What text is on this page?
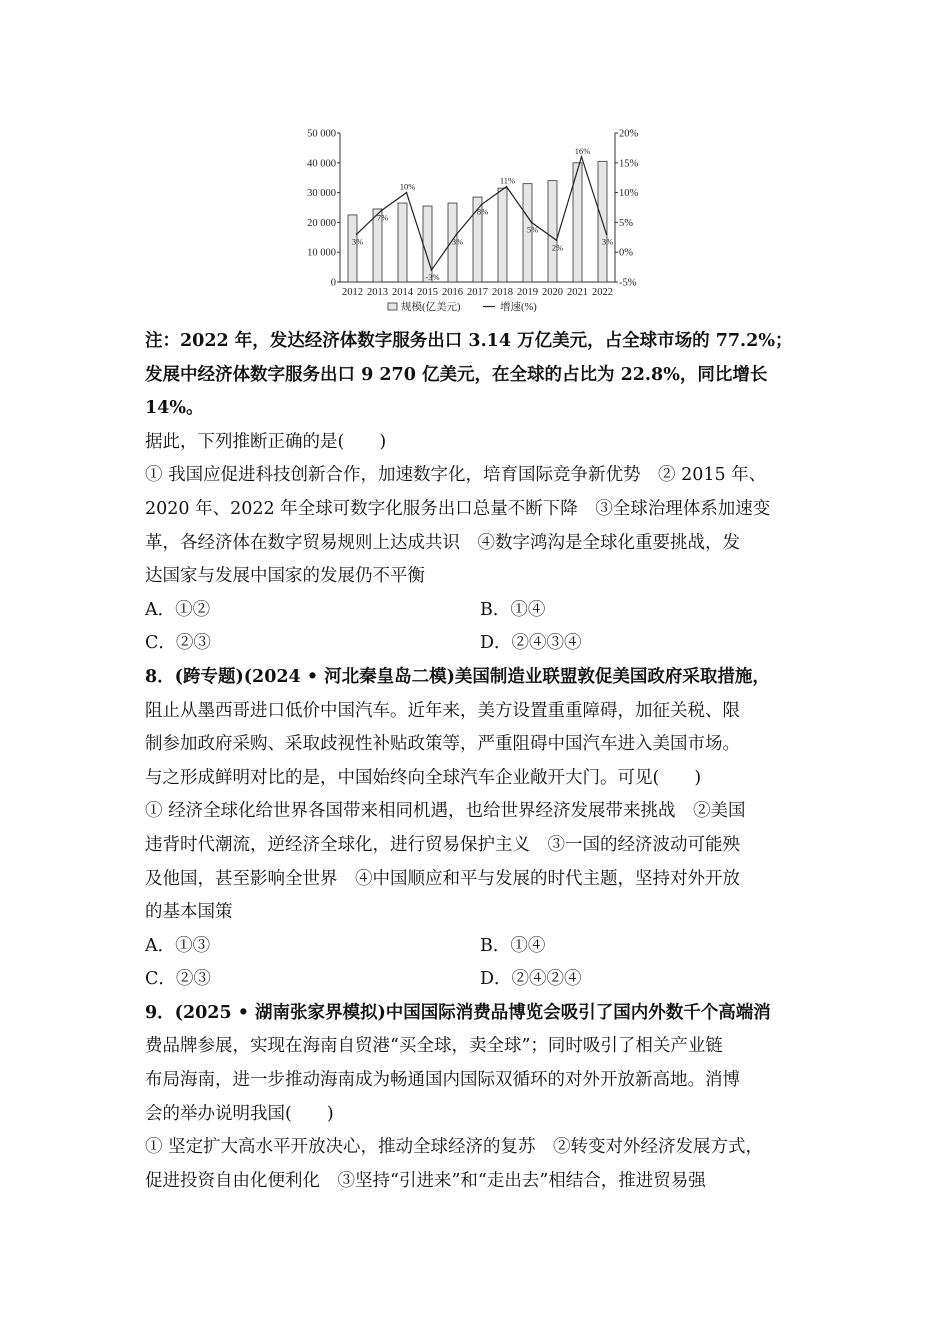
0
10 000
20 000
30 000
40 000
50 000
-5%
0%
5%
10%
15%
20%
3%
7%
10%
-3%
3%
8%
11%
5%
2%
16%
3%
2012 2013 2014 2015 2016 2017 2018 2019 2020 2021 2022
规模(亿美元)	增速(%)
注：2022 年，发达经济体数字服务出口 3.14 万亿美元，占全球市场的 77.2%；
发展中经济体数字服务出口 9 270 亿美元，在全球的占比为 22.8%，同比增长
14%。
据此，下列推断正确的是(　　)
① 我国应促进科技创新合作，加速数字化，培育国际竞争新优势　② 2015 年、
2020 年、2022 年全球可数字化服务出口总量不断下降　③全球治理体系加速变
革，各经济体在数字贸易规则上达成共识　④数字鸿沟是全球化重要挑战，发
达国家与发展中国家的发展仍不平衡
A．①②	B．①④
C．②③	D．②④③④
8．(跨专题)(2024 • 河北秦皇岛二模)美国制造业联盟敦促美国政府采取措施，
阻止从墨西哥进口低价中国汽车。近年来，美方设置重重障碍，加征关税、限
制参加政府采购、采取歧视性补贴政策等，严重阻碍中国汽车进入美国市场。
与之形成鲜明对比的是，中国始终向全球汽车企业敞开大门。可见(　　)
① 经济全球化给世界各国带来相同机遇，也给世界经济发展带来挑战　②美国
违背时代潮流，逆经济全球化，进行贸易保护主义　③一国的经济波动可能殃
及他国，甚至影响全世界　④中国顺应和平与发展的时代主题，坚持对外开放
的基本国策
A．①③	B．①④
C．②③	D．②④②④
9．(2025 • 湖南张家界模拟)中国国际消费品博览会吸引了国内外数千个高端消
费品牌参展，实现在海南自贸港“买全球，卖全球”；同时吸引了相关产业链
布局海南，进一步推动海南成为畅通国内国际双循环的对外开放新高地。消博
会的举办说明我国(　　)
① 坚定扩大高水平开放决心，推动全球经济的复苏　②转变对外经济发展方式，
促进投资自由化便利化　③坚持“引进来”和“走出去”相结合，推进贸易强
